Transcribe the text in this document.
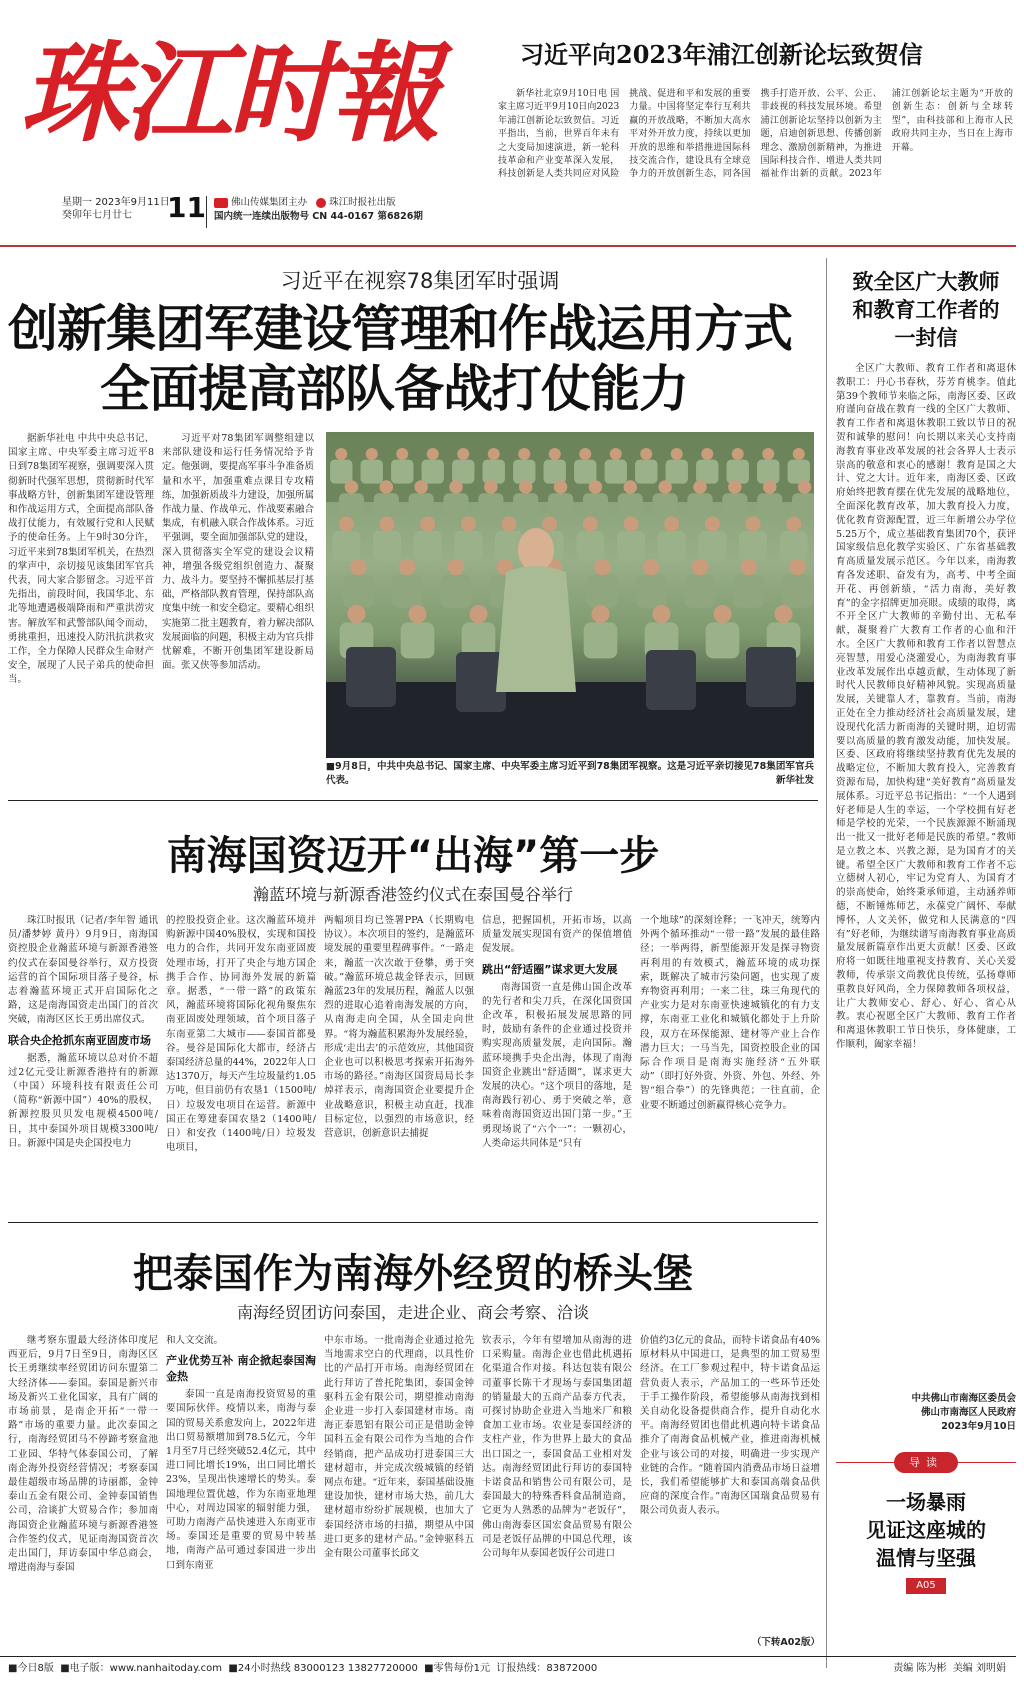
珠江时報
星期一 2023年9月11日
癸卯年七月廿七	11	佛山传媒集团主办 珠江时报社出版
国内统一连续出版物号 CN 44-0167 第6826期
习近平向2023年浦江创新论坛致贺信

新华社北京9月10日电 国家主席习近平9月10日向2023年浦江创新论坛致贺信。习近平指出，当前，世界百年未有之大变局加速演进，新一轮科技革命和产业变革深入发展，科技创新是人类共同应对风险挑战、促进和平和发展的重要力量。中国将坚定奉行互利共赢的开放战略，不断加大高水平对外开放力度，持续以更加开放的思维和举措推进国际科技交流合作，建设具有全球竞争力的开放创新生态，同各国携手打造开放、公平、公正、非歧视的科技发展环境。希望浦江创新论坛坚持以创新为主题，启迪创新思想、传播创新理念、激励创新精神，为推进国际科技合作、增进人类共同福祉作出新的贡献。2023年浦江创新论坛主题为“开放的创新生态：创新与全球转型”，由科技部和上海市人民政府共同主办，当日在上海市开幕。

习近平在视察78集团军时强调
创新集团军建设管理和作战运用方式
全面提高部队备战打仗能力

据新华社电 中共中央总书记、国家主席、中央军委主席习近平8日到78集团军视察，强调要深入贯彻新时代强军思想，贯彻新时代军事战略方针，创新集团军建设管理和作战运用方式，全面提高部队备战打仗能力，有效履行党和人民赋予的使命任务。上午9时30分许，习近平来到78集团军机关，在热烈的掌声中，亲切接见该集团军官兵代表，同大家合影留念。习近平首先指出，前段时间，我国华北、东北等地遭遇极端降雨和严重洪涝灾害。解放军和武警部队闻令而动，勇挑重担，迅速投入防汛抗洪救灾工作，全力保障人民群众生命财产安全，展现了人民子弟兵的使命担当。

习近平对78集团军调整组建以来部队建设和运行任务情况给予肯定。他强调，要提高军事斗争准备质量和水平，加强重难点课目专攻精练，加强新质战斗力建设，加强所属作战力量、作战单元、作战要素融合集成，有机融入联合作战体系。习近平强调，要全面加强部队党的建设，深入贯彻落实全军党的建设会议精神，增强各级党组织创造力、凝聚力、战斗力。要坚持不懈抓基层打基础，严格部队教育管理，保持部队高度集中统一和安全稳定。要精心组织实施第二批主题教育，着力解决部队发展面临的问题，积极主动为官兵排忧解难，不断开创集团军建设新局面。张又侠等参加活动。

■9月8日，中共中央总书记、国家主席、中央军委主席习近平到78集团军视察。这是习近平亲切接见78集团军官兵代表。	新华社发

致全区广大教师
和教育工作者的
一封信

全区广大教师、教育工作者和离退休教职工：丹心书春秋，芬芳育桃李。值此第39个教师节来临之际，南海区委、区政府谨向奋战在教育一线的全区广大教师、教育工作者和离退休教职工致以节日的祝贺和诚挚的慰问！向长期以来关心支持南海教育事业改革发展的社会各界人士表示崇高的敬意和衷心的感谢！教育是国之大计、党之大计。近年来，南海区委、区政府始终把教育摆在优先发展的战略地位，全面深化教育改革，加大教育投入力度，优化教育资源配置，近三年新增公办学位5.25万个，成立基础教育集团70个，获评国家级信息化教学实验区、广东省基础教育高质量发展示范区。今年以来，南海教育各发述职、奋发有为，高考、中考全面开花、再创新绩，“活力南海，美好教育”的金字招牌更加亮眼。成绩的取得，离不开全区广大教师的辛勤付出、无私奉献，凝聚着广大教育工作者的心血和汗水。全区广大教师和教育工作者以智慧点亮智慧，用爱心浇灌爱心，为南海教育事业改革发展作出卓越贡献，生动体现了新时代人民教师良好精神风貌。实现高质量发展，关键靠人才，靠教育。当前，南海正处在全力推动经济社会高质量发展，建设现代化活力新南海的关键时期，迫切需要以高质量的教育激发动能，加快发展。区委、区政府将继续坚持教育优先发展的战略定位，不断加大教育投入，完善教育资源布局，加快构建“美好教育”高质量发展体系。习近平总书记指出：“一个人遇到好老师是人生的幸运，一个学校拥有好老师是学校的光荣，一个民族源源不断涌现出一批又一批好老师是民族的希望。”教师是立教之本、兴教之源，是为国育才的关键。希望全区广大教师和教育工作者不忘立德树人初心，牢记为党育人、为国育才的崇高使命，始终秉承师道，主动涵养师德，不断锤炼师艺，永葆党广阔怀、奉献博怀，人文关怀，做党和人民满意的“四有”好老师，为继续谱写南海教育事业高质量发展新篇章作出更大贡献！区委、区政府将一如既往地重视支持教育、关心关爱教师，传承崇文尚教优良传统，弘扬尊师重教良好风尚，全力保障教师各项权益，让广大教师安心、舒心、好心、省心从教。衷心祝愿全区广大教师、教育工作者和离退休教职工节日快乐，身体健康，工作顺利，阖家幸福！

中共佛山市南海区委员会
佛山市南海区人民政府
2023年9月10日
导读
一场暴雨
见证这座城的
温情与坚强
A05
南海国资迈开“出海”第一步
瀚蓝环境与新源香港签约仪式在泰国曼谷举行

珠江时报讯（记者/李年智 通讯员/潘梦婷 黄丹）9月9日，南海国资控股企业瀚蓝环境与新源香港签约仪式在泰国曼谷举行，双方投资运营的首个国际项目落子曼谷，标志着瀚蓝环境正式开启国际化之路，这是南海国资走出国门的首次突破，南海区区长王勇出席仪式。

联合央企抢抓东南亚固废市场

据悉，瀚蓝环境以总对价不超过2亿元受让新源香港持有的新源（中国）环境科技有限责任公司（简称“新源中国”）40%的股权，新源控股贝贝发电规模4500吨/日，其中泰国外项目规模3300吨/日。新源中国是央企国投电力

的控股投资企业。这次瀚蓝环境并购新源中国40%股权，实现和国投电力的合作，共同开发东南亚固废处理市场，打开了央企与地方国企携手合作、协同海外发展的新篇章。据悉，“一带一路”的政策东风，瀚蓝环境将国际化视角聚焦东南亚固废处理领域，首个项目落子东南亚第二大城市——泰国首都曼谷。曼谷是国际化大都市，经济占泰国经济总量的44%，2022年人口达1370万，每天产生垃圾量约1.05万吨，但目前仍有农垦1（1500吨/日）垃圾发电项目在运营。新源中国正在筹建泰国农垦2（1400吨/日）和安孜（1400吨/日）垃圾发电项目，

两幅项目均已签署PPA（长期购电协议）。本次项目的签约，是瀚蓝环境发展的重要里程碑事件。“一路走来，瀚蓝一次次敢于登攀，勇于突破。”瀚蓝环境总裁金铎表示，回顾瀚蓝23年的发展历程，瀚蓝人以强烈的进取心追着南海发展的方向，从南海走向全国，从全国走向世界。“将为瀚蓝积累海外发展经验，形成‘走出去’的示范效应，其他国资企业也可以积极思考探索开拓海外市场的路径。”南海区国资局局长李焯祥表示，南海国资企业要提升企业战略意识，积极主动直赶，找准目标定位，以强烈的市场意识，经营意识，创新意识去捕捉

信息，把握国机，开拓市场，以高质量发展实现国有资产的保值增值促发展。

跳出“舒适圈”谋求更大发展

南海国资一直是佛山国企改革的先行者和尖刀兵，在深化国资国企改革，积极拓展发展思路的同时，鼓励有条件的企业通过投资并购实现高质量发展，走向国际。瀚蓝环境携手央企出海，体现了南海国资企业跳出“舒适圈”，谋求更大发展的决心。“这个项目的落地，是南海践行初心、勇于突破之举，意味着南海国资迈出国门第一步。”王勇现场说了“六个一”：一颗初心，人类命运共同体是“只有

一个地球”的深刻诠释；一飞冲天，统筹内外两个循环推动“一带一路”发展的最佳路径；一举两得，新型能源开发是探寻物资再利用的有效模式，瀚蓝环境的成功探索，既解决了城市污染问题，也实现了废弃物资再利用；一来二往，珠三角现代的产业实力是对东南亚快速城镇化的有力支撑，东南亚工业化和城镇化都处于上升阶段，双方在环保能源、建材等产业上合作潜力巨大；一马当先，国资控股企业的国际合作项目是南海实施经济“五外联动”（即打好外资、外资、外包、外经、外智“组合拳”）的先锋典范；一往直前，企业要不断通过创新赢得核心竞争力。

把泰国作为南海外经贸的桥头堡
南海经贸团访问泰国，走进企业、商会考察、洽谈

继考察东盟最大经济体印度尼西亚后，9月7日至9日，南海区区长王勇继续率经贸团访问东盟第二大经济体——泰国。泰国是新兴市场及新兴工业化国家，具有广阔的市场前景，是南企开拓“一带一路”市场的重要力量。此次泰国之行，南海经贸团马不停蹄考察盒池工业园、华特气体泰国公司，了解南企海外投资经营情况；考察泰国最佳超级市场品牌的诗丽都，金钟泰山五金有限公司、金钟泰国销售公司，洽谈扩大贸易合作；参加南海国资企业瀚蓝环境与新源香港签合作签约仪式，见证南海国资首次走出国门，拜访泰国中华总商会，增进南海与泰国

和人文交流。

产业优势互补 南企掀起泰国淘金热

泰国一直是南海投资贸易的重要国际伙伴。疫情以来，南海与泰国的贸易关系愈发向上，2022年进出口贸易额增加到78.5亿元，今年1月至7月已经突破52.4亿元，其中进口同比增长19%，出口同比增长23%，呈现出快速增长的势头。泰国地理位置优越，作为东南亚地理中心，对周边国家的辐射能力强，可助力南海产品快速进入东南亚市场。泰国还是重要的贸易中转基地，南海产品可通过泰国进一步出口到东南亚

中东市场。一批南海企业通过抢先当地需求空白的代理商，以具性价比的产品打开市场。南海经贸团在此行拜访了普托陀集团，泰国金钟驱科五金有限公司，期望推动南海企业进一步打入泰国建材市场。南海正泰恩铝有限公司正是借助金钟国科五金有限公司作为当地的合作经销商，把产品成功打进泰国三大建材超市，并完成次级城镇的经销网点布建。“近年来，泰国基础设施建设加快，建材市场大热，前几大建材超市纷纷扩展规模，也加大了泰国经济市场的扫描，期望从中国进口更多的建材产品。”金钟驱科五金有限公司董事长邱文

钦表示，今年有望增加从南海的进口采购量。南海企业也借此机遇拓化渠道合作对接。科达包装有限公司董事长陈干才现场与泰国集团超的销量最大的五商产品泰方代表，可探讨协助企业进入当地米厂和粮食加工业市场。农业是泰国经济的支柱产业，作为世界上最大的食品出口国之一，泰国食品工业相对发达。南海经贸团此行拜访的泰国特卡诺食品和销售公司有限公司，是泰国最大的特殊香料食品制造商，它更为人熟悉的品牌为“老饭仔”，佛山南海泰区国宏食品贸易有限公司是老饭仔品牌的中国总代理，该公司每年从泰国老饭仔公司进口

价值约3亿元的食品，而特卡诺食品有40%原材料从中国进口，是典型的加工贸易型经济。在工厂参观过程中，特卡诺食品运营负责人表示，产品加工的一些环节还处于手工操作阶段，希望能够从南海找到相关自动化设备提供商合作，提升自动化水平。南海经贸团也借此机遇向特卡诺食品推介了南海食品机械产业，推进南海机械企业与该公司的对接，明确进一步实现产业链的合作。“随着国内消费品市场日益增长，我们希望能够扩大和泰国高端食品供应商的深度合作。”南海区国瑞食品贸易有限公司负责人表示。

（下转A02版）
■今日8版 ■电子版：www.nanhaitoday.com ■24小时热线 83000123 13827720000 ■零售每份1元 订报热线：83872000	责编 陈为彬 美编 刘明娟
